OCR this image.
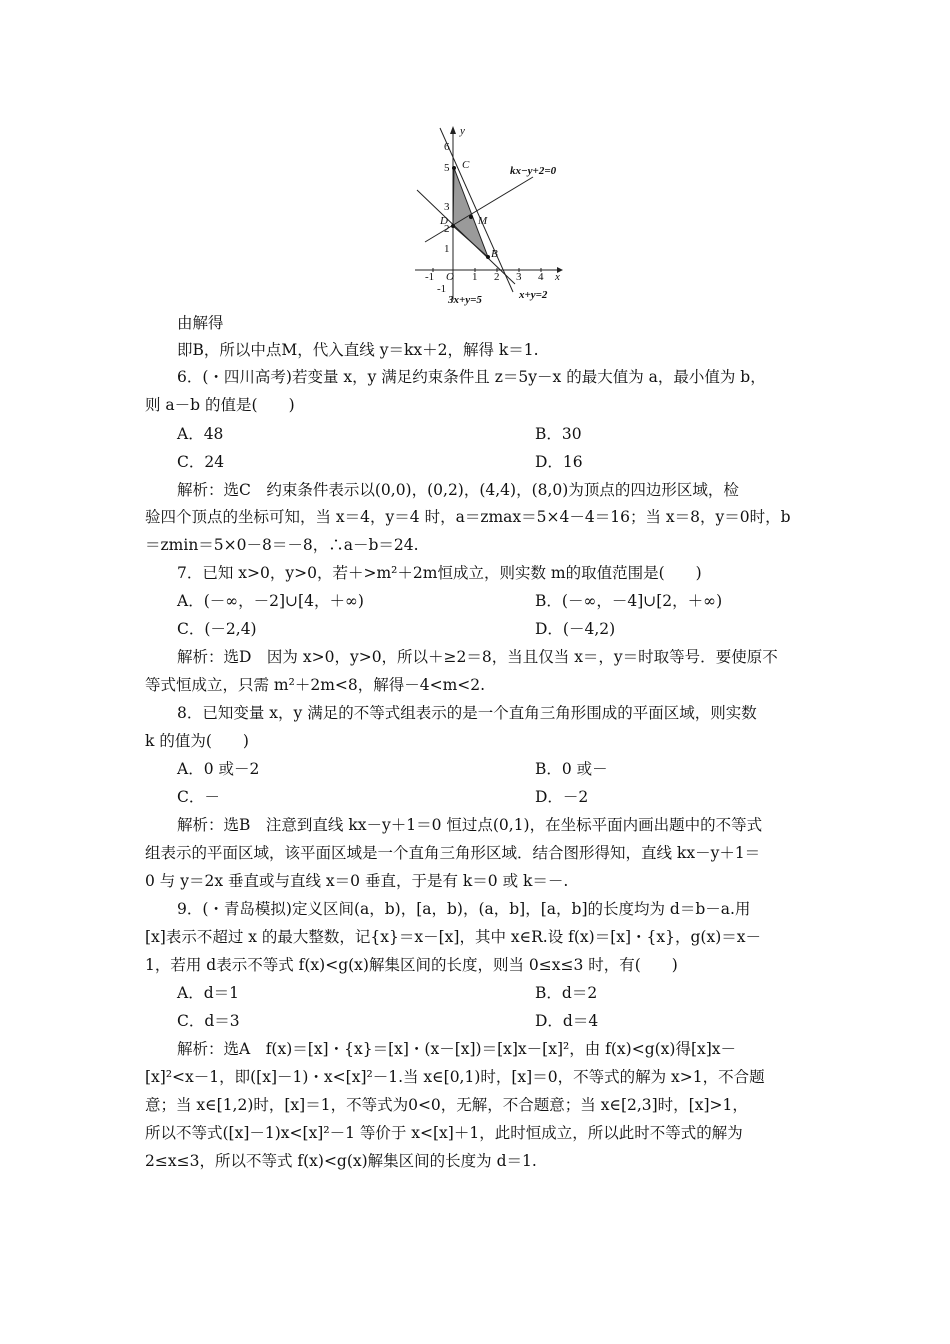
y
x
6
5
3
2
1
-1
-1 O 1 2 3 4
C
D	M
B
kx−y+2=0
3x+y=5	x+y=2
由解得
即B，所以中点M，代入直线 y＝kx＋2，解得 k＝1.
6．(・四川高考)若变量 x，y 满足约束条件且 z＝5y－x 的最大值为 a，最小值为 b，
则 a－b 的值是(　　)
A．48	B．30
C．24	D．16
解析：选C　约束条件表示以(0,0)，(0,2)，(4,4)，(8,0)为顶点的四边形区域，检
验四个顶点的坐标可知，当 x＝4，y＝4 时，a＝zmax＝5×4－4＝16；当 x＝8，y＝0时，b
＝zmin＝5×0－8＝－8，∴a－b＝24.
7．已知 x>0，y>0，若＋>m²＋2m恒成立，则实数 m的取值范围是(　　)
A．(－∞，－2]∪[4，＋∞)	B．(－∞，－4]∪[2，＋∞)
C．(－2,4)	D．(－4,2)
解析：选D　因为 x>0，y>0，所以＋≥2＝8，当且仅当 x＝，y＝时取等号．要使原不
等式恒成立，只需 m²＋2m<8，解得－4<m<2.
8．已知变量 x，y 满足的不等式组表示的是一个直角三角形围成的平面区域，则实数
k 的值为(　　)
A．0 或－2	B．0 或－
C．－	D．－2
解析：选B　注意到直线 kx－y＋1＝0 恒过点(0,1)，在坐标平面内画出题中的不等式
组表示的平面区域，该平面区域是一个直角三角形区域．结合图形得知，直线 kx－y＋1＝
0 与 y＝2x 垂直或与直线 x＝0 垂直，于是有 k＝0 或 k＝－.
9．(・青岛模拟)定义区间(a，b)，[a，b)，(a，b]，[a，b]的长度均为 d＝b－a.用
[x]表示不超过 x 的最大整数，记{x}＝x－[x]，其中 x∈R.设 f(x)＝[x]・{x}，g(x)＝x－
1，若用 d表示不等式 f(x)<g(x)解集区间的长度，则当 0≤x≤3 时，有(　　)
A．d＝1	B．d＝2
C．d＝3	D．d＝4
解析：选A　f(x)＝[x]・{x}＝[x]・(x－[x])＝[x]x－[x]²，由 f(x)<g(x)得[x]x－
[x]²<x－1，即([x]－1)・x<[x]²－1.当 x∈[0,1)时，[x]＝0，不等式的解为 x>1，不合题
意；当 x∈[1,2)时，[x]＝1，不等式为0<0，无解，不合题意；当 x∈[2,3]时，[x]>1，
所以不等式([x]－1)x<[x]²－1 等价于 x<[x]＋1，此时恒成立，所以此时不等式的解为
2≤x≤3，所以不等式 f(x)<g(x)解集区间的长度为 d＝1.
